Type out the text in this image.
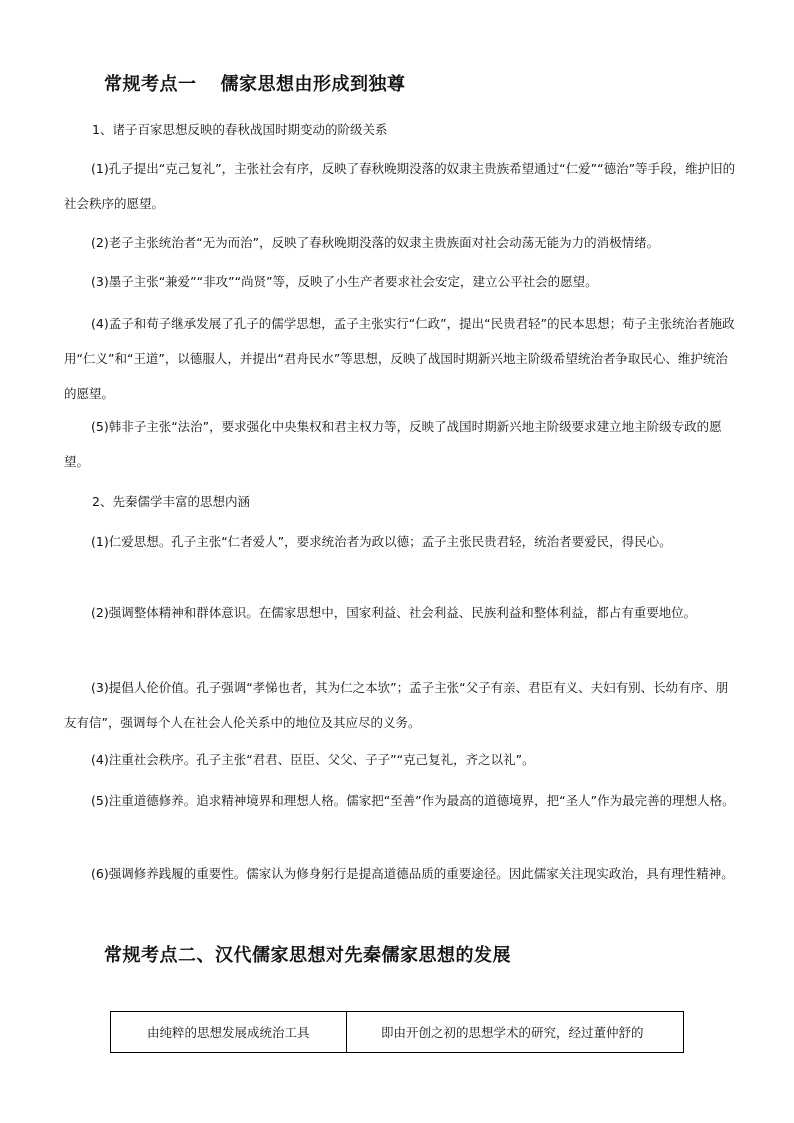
常规考点一 儒家思想由形成到独尊
1、诸子百家思想反映的春秋战国时期变动的阶级关系

(1)孔子提出“克己复礼”，主张社会有序，反映了春秋晚期没落的奴隶主贵族希望通过“仁爱”“德治”等手段，维护旧的社会秩序的愿望。

(2)老子主张统治者“无为而治”，反映了春秋晚期没落的奴隶主贵族面对社会动荡无能为力的消极情绪。

(3)墨子主张“兼爱”“非攻”“尚贤”等，反映了小生产者要求社会安定，建立公平社会的愿望。

(4)孟子和荀子继承发展了孔子的儒学思想，孟子主张实行“仁政”，提出“民贵君轻”的民本思想；荀子主张统治者施政用“仁义”和“王道”，以德服人，并提出“君舟民水”等思想，反映了战国时期新兴地主阶级希望统治者争取民心、维护统治的愿望。

(5)韩非子主张“法治”，要求强化中央集权和君主权力等，反映了战国时期新兴地主阶级要求建立地主阶级专政的愿望。

2、先秦儒学丰富的思想内涵

(1)仁爱思想。孔子主张“仁者爱人”，要求统治者为政以德；孟子主张民贵君轻，统治者要爱民，得民心。

(2)强调整体精神和群体意识。在儒家思想中，国家利益、社会利益、民族利益和整体利益，都占有重要地位。

(3)提倡人伦价值。孔子强调“孝悌也者，其为仁之本欤”；孟子主张“父子有亲、君臣有义、夫妇有别、长幼有序、朋友有信”，强调每个人在社会人伦关系中的地位及其应尽的义务。

(4)注重社会秩序。孔子主张“君君、臣臣、父父、子子”“克己复礼，齐之以礼”。

(5)注重道德修养。追求精神境界和理想人格。儒家把“至善”作为最高的道德境界，把“圣人”作为最完善的理想人格。

(6)强调修养践履的重要性。儒家认为修身躬行是提高道德品质的重要途径。因此儒家关注现实政治，具有理性精神。

常规考点二、汉代儒家思想对先秦儒家思想的发展
由纯粹的思想发展成统治工具	即由开创之初的思想学术的研究，经过董仲舒的
